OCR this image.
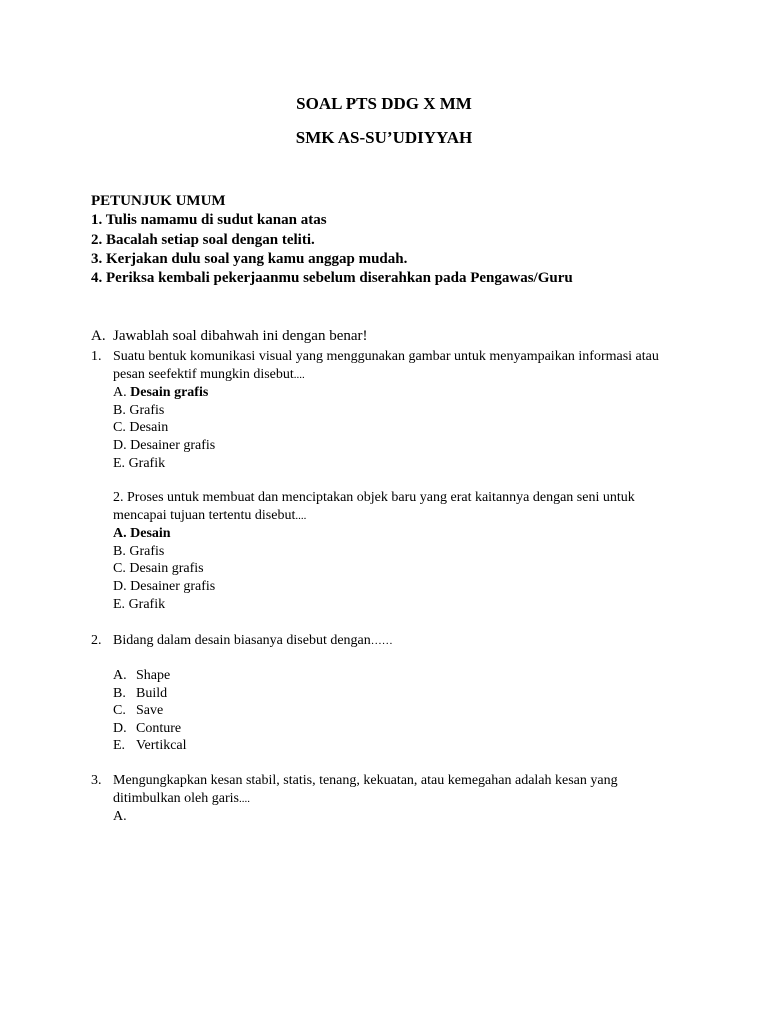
SOAL PTS DDG X MM
SMK AS-SU’UDIYYAH
PETUNJUK UMUM
1. Tulis namamu di sudut kanan atas
2. Bacalah setiap soal dengan teliti.
3. Kerjakan dulu soal yang kamu anggap mudah.
4. Periksa kembali pekerjaanmu sebelum diserahkan pada Pengawas/Guru
A. Jawablah soal dibahwah ini dengan benar!
1. Suatu bentuk komunikasi visual yang menggunakan gambar untuk menyampaikan informasi atau
pesan seefektif mungkin disebut....
A. Desain grafis
B. Grafis
C. Desain
D. Desainer grafis
E. Grafik
2. Proses untuk membuat dan menciptakan objek baru yang erat kaitannya dengan seni untuk
mencapai tujuan tertentu disebut....
A. Desain
B. Grafis
C. Desain grafis
D. Desainer grafis
E. Grafik
2. Bidang dalam desain biasanya disebut dengan……
A. Shape
B. Build
C. Save
D. Conture
E. Vertikcal
3. Mengungkapkan kesan stabil, statis, tenang, kekuatan, atau kemegahan adalah kesan yang
ditimbulkan oleh garis....
A.
